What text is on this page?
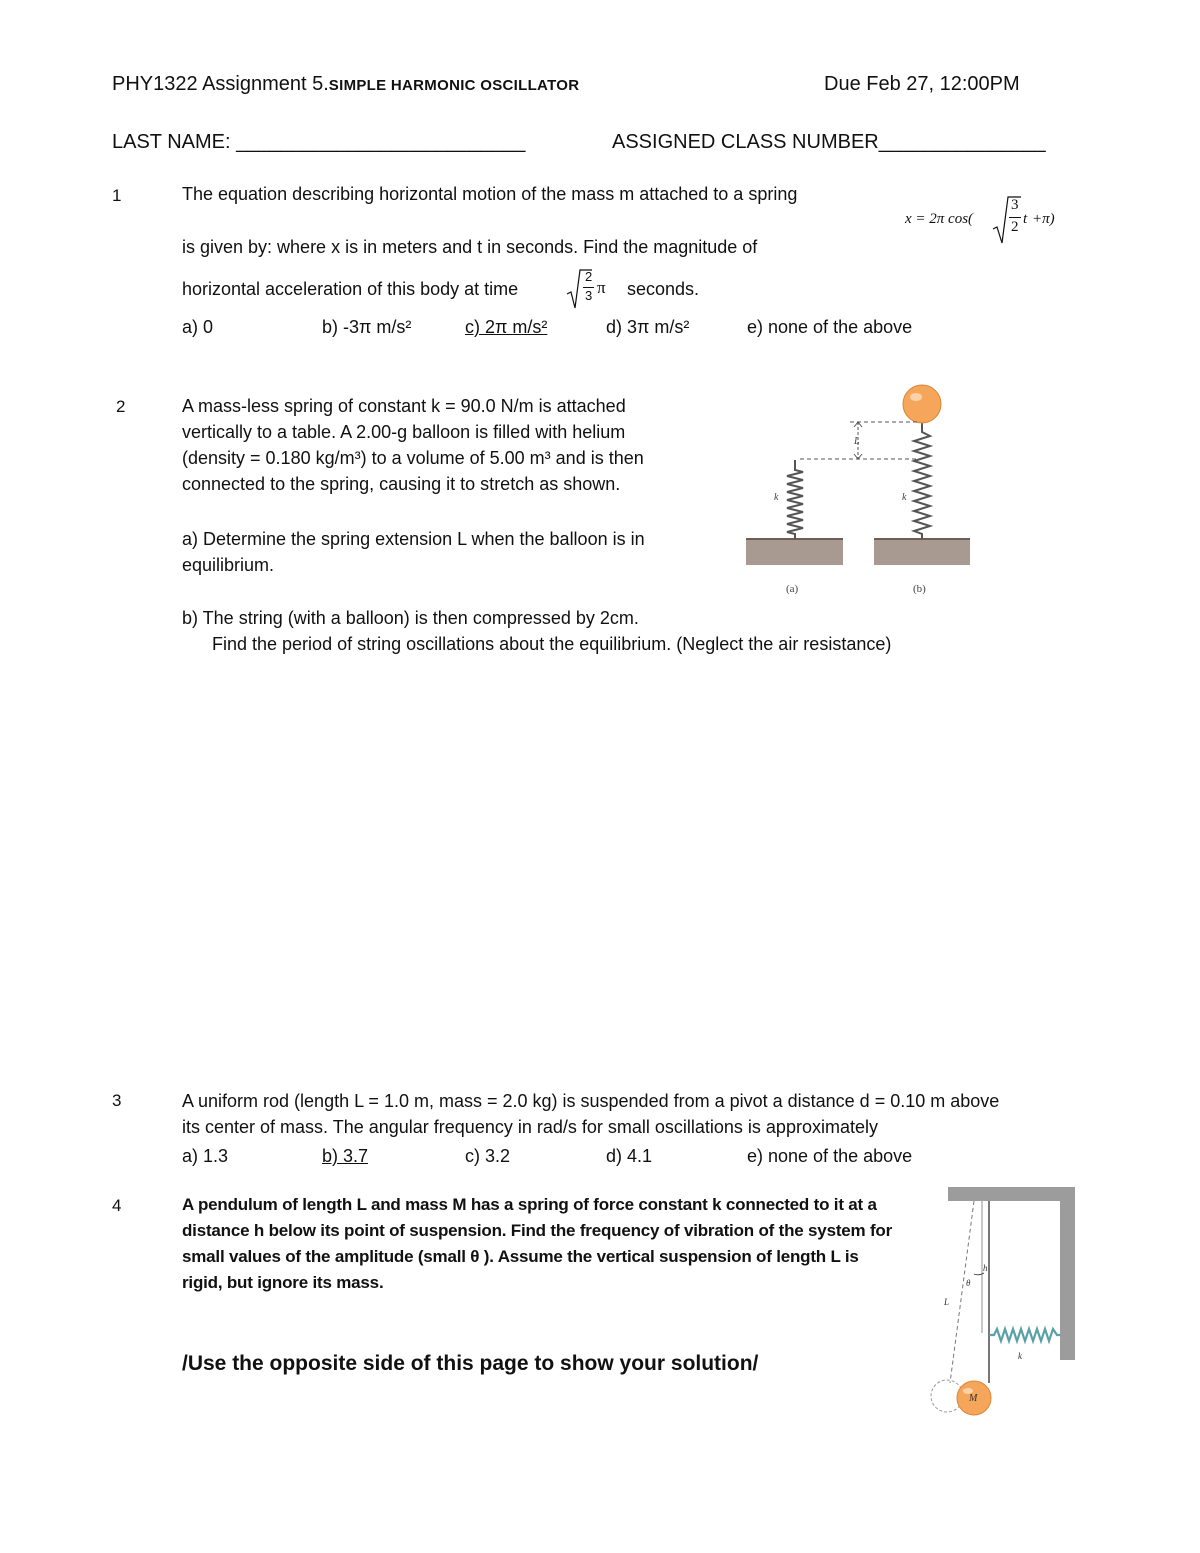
PHY1322 Assignment 5.SIMPLE HARMONIC OSCILLATOR	Due Feb 27, 12:00PM
LAST NAME: __________________________	ASSIGNED CLASS NUMBER_______________
1	The equation describing horizontal motion of the mass m attached to a spring
x = 2π cos(
3
2 t +π)
is given by: where x is in meters and t in seconds. Find the magnitude of
horizontal acceleration of this body at time
2
3 π seconds.
a) 0	b) -3π m/s²	c) 2π m/s²	d) 3π m/s²	e) none of the above
2	A mass-less spring of constant k = 90.0 N/m is attached
vertically to a table. A 2.00-g balloon is filled with helium
(density = 0.180 kg/m³) to a volume of 5.00 m³ and is then
connected to the spring, causing it to stretch as shown.
a) Determine the spring extension L when the balloon is in
equilibrium.
b) The string (with a balloon) is then compressed by 2cm.
Find the period of string oscillations about the equilibrium. (Neglect the air resistance)
L
k	k
(a)	(b)
3	A uniform rod (length L = 1.0 m, mass = 2.0 kg) is suspended from a pivot a distance d = 0.10 m above
its center of mass. The angular frequency in rad/s for small oscillations is approximately
a) 1.3	b) 3.7	c) 3.2	d) 4.1	e) none of the above
4	A pendulum of length L and mass M has a spring of force constant k connected to it at a
distance h below its point of suspension. Find the frequency of vibration of the system for
small values of the amplitude (small θ ). Assume the vertical suspension of length L is
rigid, but ignore its mass.
/Use the opposite side of this page to show your solution/
h
θ
L
k
M
